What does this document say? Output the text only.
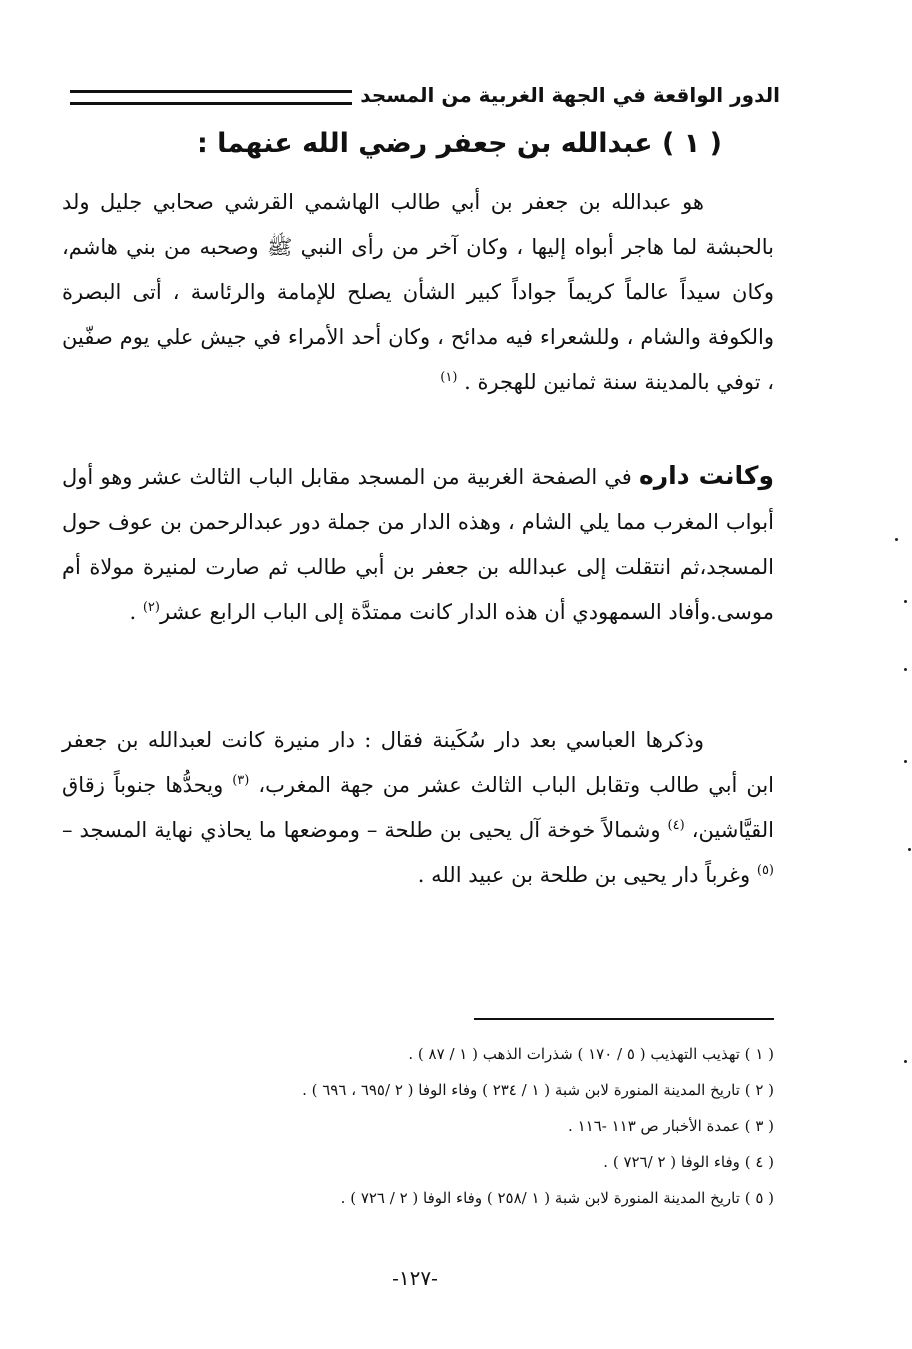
الدور الواقعة في الجهة الغربية من المسجد
( ١ ) عبدالله بن جعفر رضي الله عنهما :

هو عبدالله بن جعفر بن أبي طالب الهاشمي القرشي صحابي جليل ولد بالحبشة لما هاجر أبواه إليها ، وكان آخر من رأى النبي ﷺ وصحبه من بني هاشم، وكان سيداً عالماً كريماً جواداً كبير الشأن يصلح للإمامة والرئاسة ، أتى البصرة والكوفة والشام ، وللشعراء فيه مدائح ، وكان أحد الأمراء في جيش علي يوم صفّين ، توفي بالمدينة سنة ثمانين للهجرة . $^{(١)}$

وكانت داره في الصفحة الغربية من المسجد مقابل الباب الثالث عشر وهو أول أبواب المغرب مما يلي الشام ، وهذه الدار من جملة دور عبدالرحمن بن عوف حول المسجد،ثم انتقلت إلى عبدالله بن جعفر بن أبي طالب ثم صارت لمنيرة مولاة أم موسى.وأفاد السمهودي أن هذه الدار كانت ممتدَّة إلى الباب الرابع عشر$^{(٢)}$ .

وذكرها العباسي بعد دار سُكَينة فقال : دار منيرة كانت لعبدالله بن جعفر ابن أبي طالب وتقابل الباب الثالث عشر من جهة المغرب، $^{(٣)}$ ويحدُّها جنوباً زقاق القيَّاشين، $^{(٤)}$ وشمالاً خوخة آل يحيى بن طلحة – وموضعها ما يحاذي نهاية المسجد –$^{(٥)}$ وغرباً دار يحيى بن طلحة بن عبيد الله .

( ١ ) تهذيب التهذيب ( ٥ / ١٧٠ ) شذرات الذهب ( ١ / ٨٧ ) .
( ٢ ) تاريخ المدينة المنورة لابن شبة ( ١ / ٢٣٤ ) وفاء الوفا ( ٢ /٦٩٥ ، ٦٩٦ ) .
( ٣ ) عمدة الأخبار ص ١١٣ -١١٦ .
( ٤ ) وفاء الوفا ( ٢ /٧٢٦ ) .
( ٥ ) تاريخ المدينة المنورة لابن شبة ( ١ /٢٥٨ ) وفاء الوفا ( ٢ / ٧٢٦ ) .
-١٢٧-
